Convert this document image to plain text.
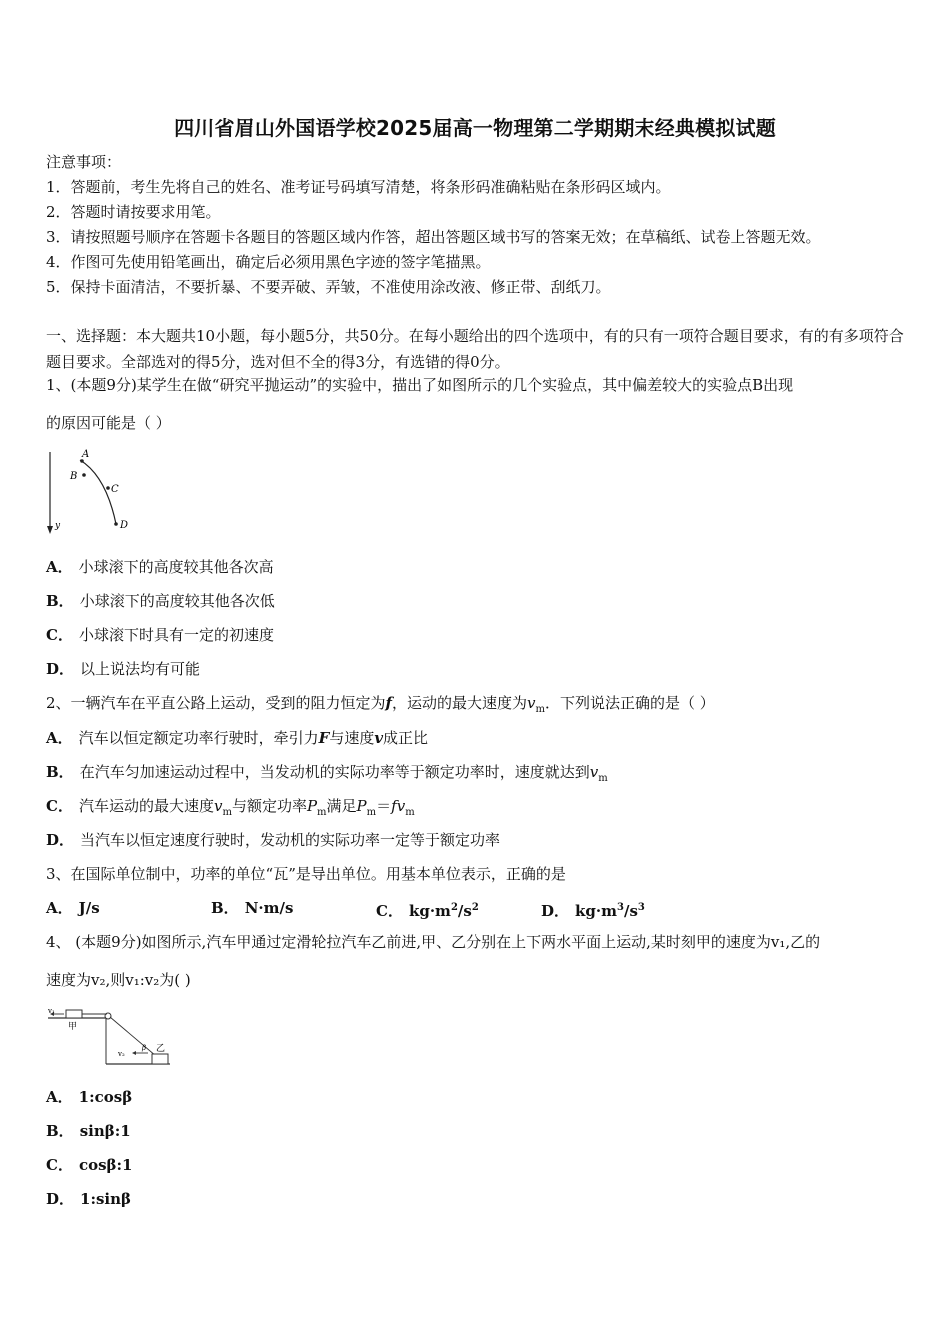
四川省眉山外国语学校2025届高一物理第二学期期末经典模拟试题
注意事项：
1．答题前，考生先将自己的姓名、准考证号码填写清楚，将条形码准确粘贴在条形码区域内。
2．答题时请按要求用笔。
3．请按照题号顺序在答题卡各题目的答题区域内作答，超出答题区域书写的答案无效；在草稿纸、试卷上答题无效。
4．作图可先使用铅笔画出，确定后必须用黑色字迹的签字笔描黑。
5．保持卡面清洁，不要折暴、不要弄破、弄皱，不准使用涂改液、修正带、刮纸刀。
一、选择题：本大题共10小题，每小题5分，共50分。在每小题给出的四个选项中，有的只有一项符合题目要求，有的有多项符合题目要求。全部选对的得5分，选对但不全的得3分，有选错的得0分。
1、(本题9分)某学生在做“研究平抛运动”的实验中，描出了如图所示的几个实验点，其中偏差较大的实验点B出现
的原因可能是（ ）
A
B
C
D
y
A． 小球滚下的高度较其他各次高
B． 小球滚下的高度较其他各次低
C． 小球滚下时具有一定的初速度
D． 以上说法均有可能
2、一辆汽车在平直公路上运动，受到的阻力恒定为f，运动的最大速度为$v_m$．下列说法正确的是（ ）
A． 汽车以恒定额定功率行驶时，牵引力F与速度v成正比
B． 在汽车匀加速运动过程中，当发动机的实际功率等于额定功率时，速度就达到$v_m$
C． 汽车运动的最大速度$v_m$与额定功率$P_m$满足$P_m=fv_m$
D． 当汽车以恒定速度行驶时，发动机的实际功率一定等于额定功率
3、在国际单位制中，功率的单位“瓦”是导出单位。用基本单位表示，正确的是
A． J/s	B． N·m/s	C． $kg\cdot m^2/s^2$	D． $kg\cdot m^3/s^3$
4、 (本题9分)如图所示,汽车甲通过定滑轮拉汽车乙前进,甲、乙分别在上下两水平面上运动,某时刻甲的速度为v₁,乙的
速度为v₂,则v₁:v₂为( )
v₁
甲
v₂
β 乙
A． 1:cosβ
B． sinβ:1
C． cosβ:1
D． 1:sinβ
